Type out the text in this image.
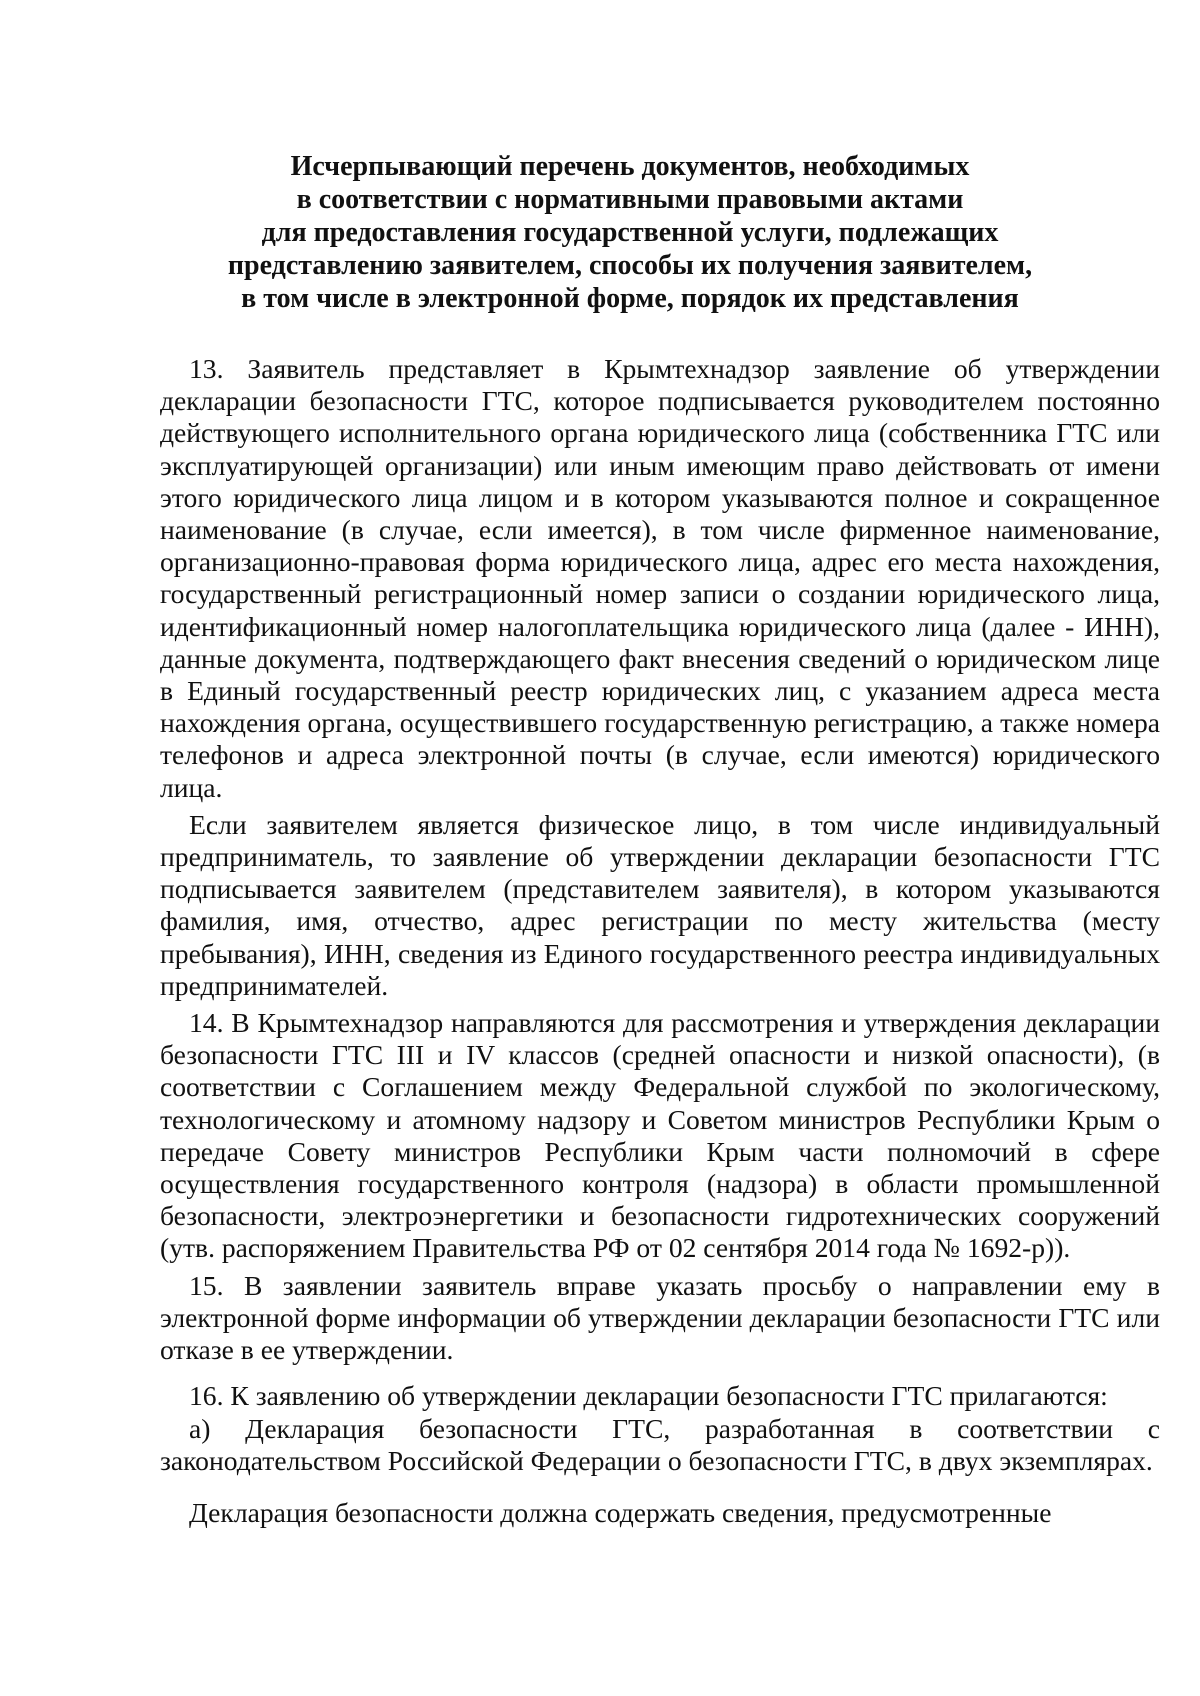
Исчерпывающий перечень документов, необходимых
в соответствии с нормативными правовыми актами
для предоставления государственной услуги, подлежащих
представлению заявителем, способы их получения заявителем,
в том числе в электронной форме, порядок их представления

13. Заявитель представляет в Крымтехнадзор заявление об утверждении декларации безопасности ГТС, которое подписывается руководителем постоянно действующего исполнительного органа юридического лица (собственника ГТС или эксплуатирующей организации) или иным имеющим право действовать от имени этого юридического лица лицом и в котором указываются полное и сокращенное наименование (в случае, если имеется), в том числе фирменное наименование, организационно-правовая форма юридического лица, адрес его места нахождения, государственный регистрационный номер записи о создании юридического лица, идентификационный номер налогоплательщика юридического лица (далее - ИНН), данные документа, подтверждающего факт внесения сведений о юридическом лице в Единый государственный реестр юридических лиц, с указанием адреса места нахождения органа, осуществившего государственную регистрацию, а также номера телефонов и адреса электронной почты (в случае, если имеются) юридического лица.

Если заявителем является физическое лицо, в том числе индивидуальный предприниматель, то заявление об утверждении декларации безопасности ГТС подписывается заявителем (представителем заявителя), в котором указываются фамилия, имя, отчество, адрес регистрации по месту жительства (месту пребывания), ИНН, сведения из Единого государственного реестра индивидуальных предпринимателей.

14. В Крымтехнадзор направляются для рассмотрения и утверждения декларации безопасности ГТС III и IV классов (средней опасности и низкой опасности), (в соответствии с Соглашением между Федеральной службой по экологическому, технологическому и атомному надзору и Советом министров Республики Крым о передаче Совету министров Республики Крым части полномочий в сфере осуществления государственного контроля (надзора) в области промышленной безопасности, электроэнергетики и безопасности гидротехнических сооружений (утв. распоряжением Правительства РФ от 02 сентября 2014 года № 1692-р)).

15. В заявлении заявитель вправе указать просьбу о направлении ему в электронной форме информации об утверждении декларации безопасности ГТС или отказе в ее утверждении.

16. К заявлению об утверждении декларации безопасности ГТС прилагаются:

а) Декларация безопасности ГТС, разработанная в соответствии с законодательством Российской Федерации о безопасности ГТС, в двух экземплярах.

Декларация безопасности должна содержать сведения, предусмотренные
